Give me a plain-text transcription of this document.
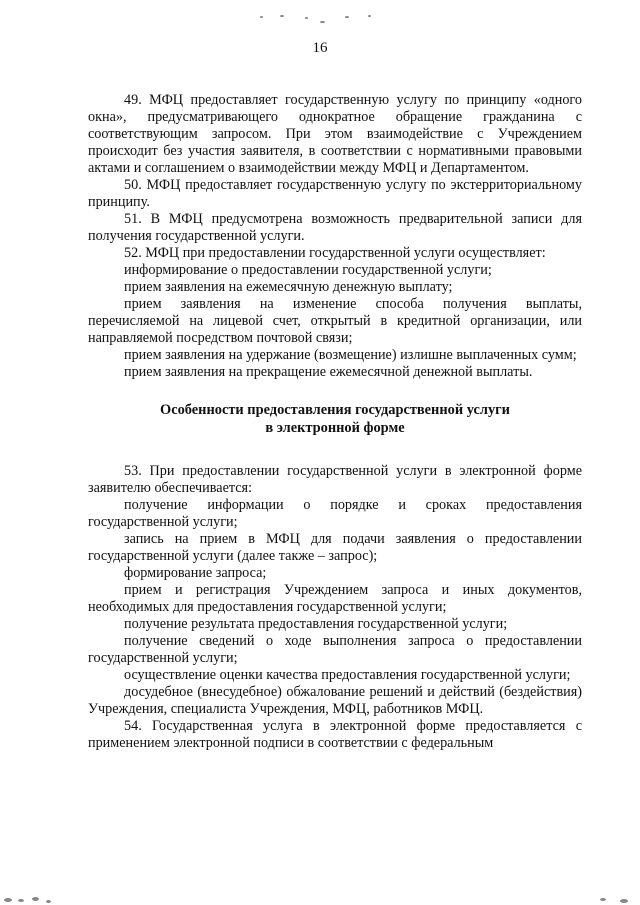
16

49. МФЦ предоставляет государственную услугу по принципу «одного окна», предусматривающего однократное обращение гражданина с соответствующим запросом. При этом взаимодействие с Учреждением происходит без участия заявителя, в соответствии с нормативными правовыми актами и соглашением о взаимодействии между МФЦ и Департаментом.

50. МФЦ предоставляет государственную услугу по экстерриториальному принципу.

51. В МФЦ предусмотрена возможность предварительной записи для получения государственной услуги.

52. МФЦ при предоставлении государственной услуги осуществляет:

информирование о предоставлении государственной услуги;

прием заявления на ежемесячную денежную выплату;

прием заявления на изменение способа получения выплаты, перечисляемой на лицевой счет, открытый в кредитной организации, или направляемой посредством почтовой связи;

прием заявления на удержание (возмещение) излишне выплаченных сумм;

прием заявления на прекращение ежемесячной денежной выплаты.

Особенности предоставления государственной услуги
в электронной форме

53. При предоставлении государственной услуги в электронной форме заявителю обеспечивается:

получение информации о порядке и сроках предоставления государственной услуги;

запись на прием в МФЦ для подачи заявления о предоставлении государственной услуги (далее также – запрос);

формирование запроса;

прием и регистрация Учреждением запроса и иных документов, необходимых для предоставления государственной услуги;

получение результата предоставления государственной услуги;

получение сведений о ходе выполнения запроса о предоставлении государственной услуги;

осуществление оценки качества предоставления государственной услуги;

досудебное (внесудебное) обжалование решений и действий (бездействия) Учреждения, специалиста Учреждения, МФЦ, работников МФЦ.

54. Государственная услуга в электронной форме предоставляется с применением электронной подписи в соответствии с федеральным
